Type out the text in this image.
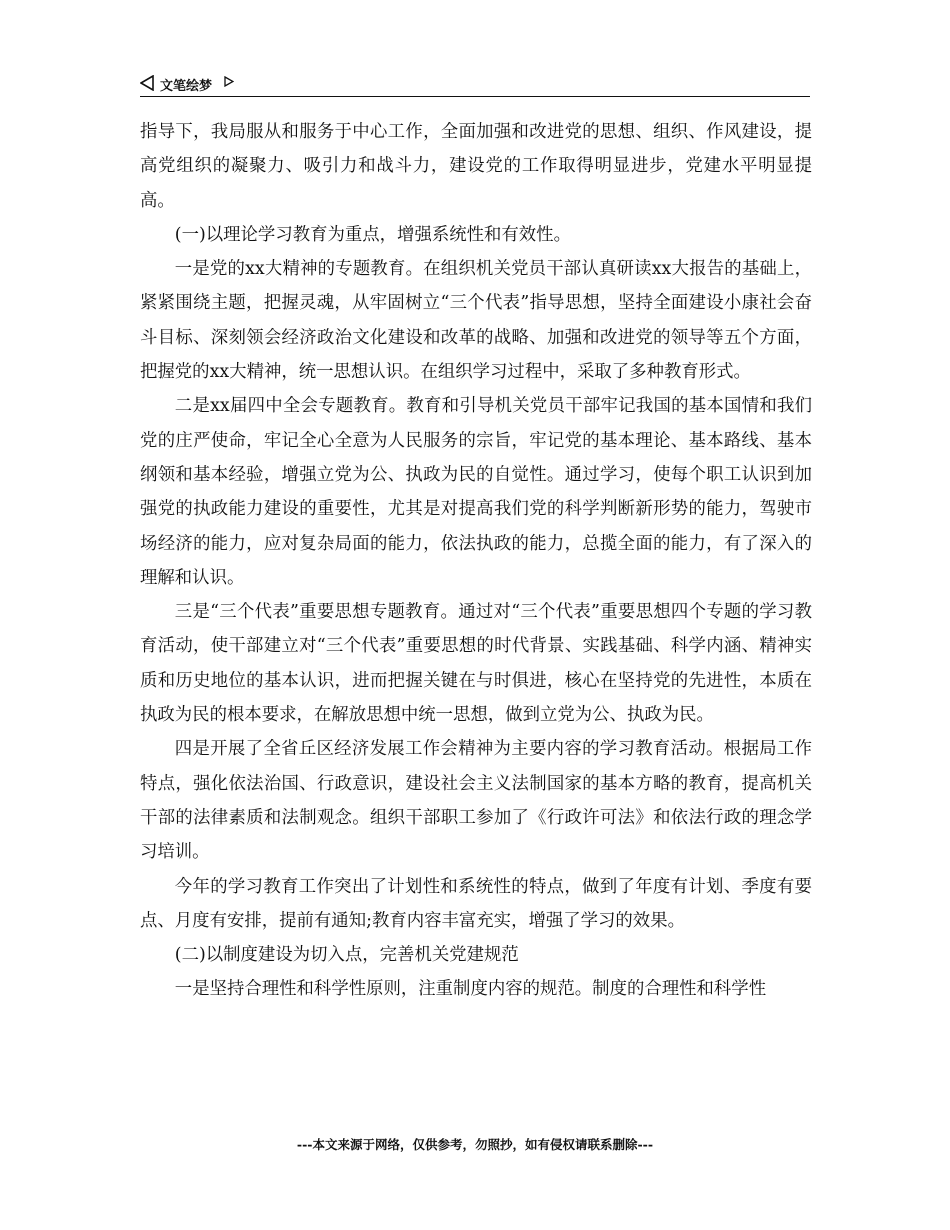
文笔绘梦

指导下，我局服从和服务于中心工作，全面加强和改进党的思想、组织、作风建设，提高党组织的凝聚力、吸引力和战斗力，建设党的工作取得明显进步，党建水平明显提高。

(一)以理论学习教育为重点，增强系统性和有效性。

一是党的xx大精神的专题教育。在组织机关党员干部认真研读xx大报告的基础上，紧紧围绕主题，把握灵魂，从牢固树立“三个代表”指导思想，坚持全面建设小康社会奋斗目标、深刻领会经济政治文化建设和改革的战略、加强和改进党的领导等五个方面，把握党的xx大精神，统一思想认识。在组织学习过程中，采取了多种教育形式。

二是xx届四中全会专题教育。教育和引导机关党员干部牢记我国的基本国情和我们党的庄严使命，牢记全心全意为人民服务的宗旨，牢记党的基本理论、基本路线、基本纲领和基本经验，增强立党为公、执政为民的自觉性。通过学习，使每个职工认识到加强党的执政能力建设的重要性，尤其是对提高我们党的科学判断新形势的能力，驾驶市场经济的能力，应对复杂局面的能力，依法执政的能力，总揽全面的能力，有了深入的理解和认识。

三是“三个代表”重要思想专题教育。通过对“三个代表”重要思想四个专题的学习教育活动，使干部建立对“三个代表”重要思想的时代背景、实践基础、科学内涵、精神实质和历史地位的基本认识，进而把握关键在与时俱进，核心在坚持党的先进性，本质在执政为民的根本要求，在解放思想中统一思想，做到立党为公、执政为民。

四是开展了全省丘区经济发展工作会精神为主要内容的学习教育活动。根据局工作特点，强化依法治国、行政意识，建设社会主义法制国家的基本方略的教育，提高机关干部的法律素质和法制观念。组织干部职工参加了《行政许可法》和依法行政的理念学习培训。

今年的学习教育工作突出了计划性和系统性的特点，做到了年度有计划、季度有要点、月度有安排，提前有通知;教育内容丰富充实，增强了学习的效果。

(二)以制度建设为切入点，完善机关党建规范

一是坚持合理性和科学性原则，注重制度内容的规范。制度的合理性和科学性

---本文来源于网络，仅供参考，勿照抄，如有侵权请联系删除---
